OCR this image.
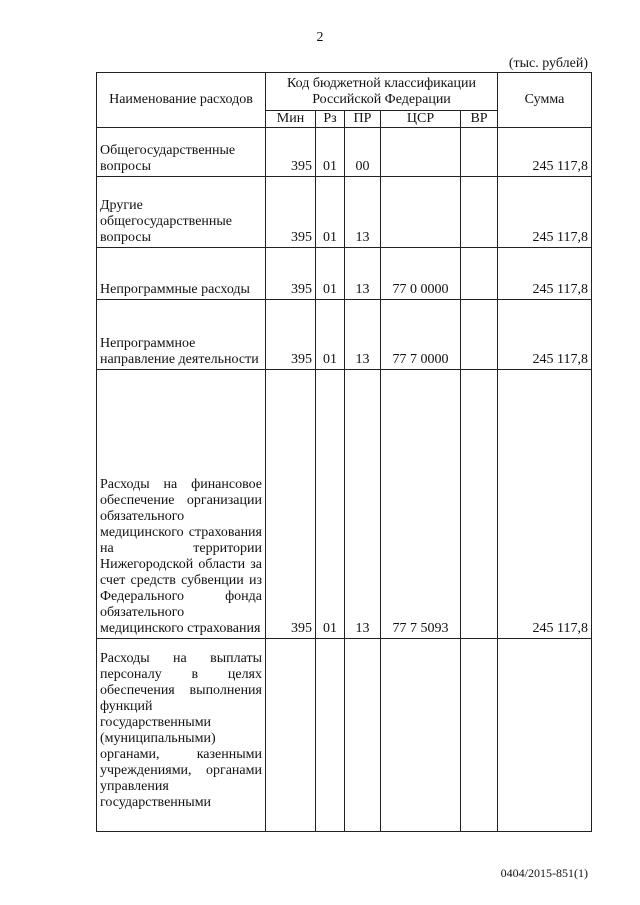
2
(тыс. рублей)
Наименование расходов	Код бюджетной классификации Российской Федерации					Сумма
	Мин	Рз	ПР	ЦСР	ВР	
Общегосударственные вопросы	395	01	00			245 117,8
Другие общегосударственные вопросы	395	01	13			245 117,8
Непрограммные расходы	395	01	13	77 0 0000		245 117,8
Непрограммное направление деятельности	395	01	13	77 7 0000		245 117,8
Расходы на финансовое обеспечение организации обязательного медицинского страхования на территории Нижегородской области за счет средств субвенции из Федерального фонда обязательного медицинского страхования	395	01	13	77 7 5093		245 117,8
Расходы на выплаты персоналу в целях обеспечения выполнения функций государственными (муниципальными) органами, казенными учреждениями, органами управления государственными						
0404/2015-851(1)
